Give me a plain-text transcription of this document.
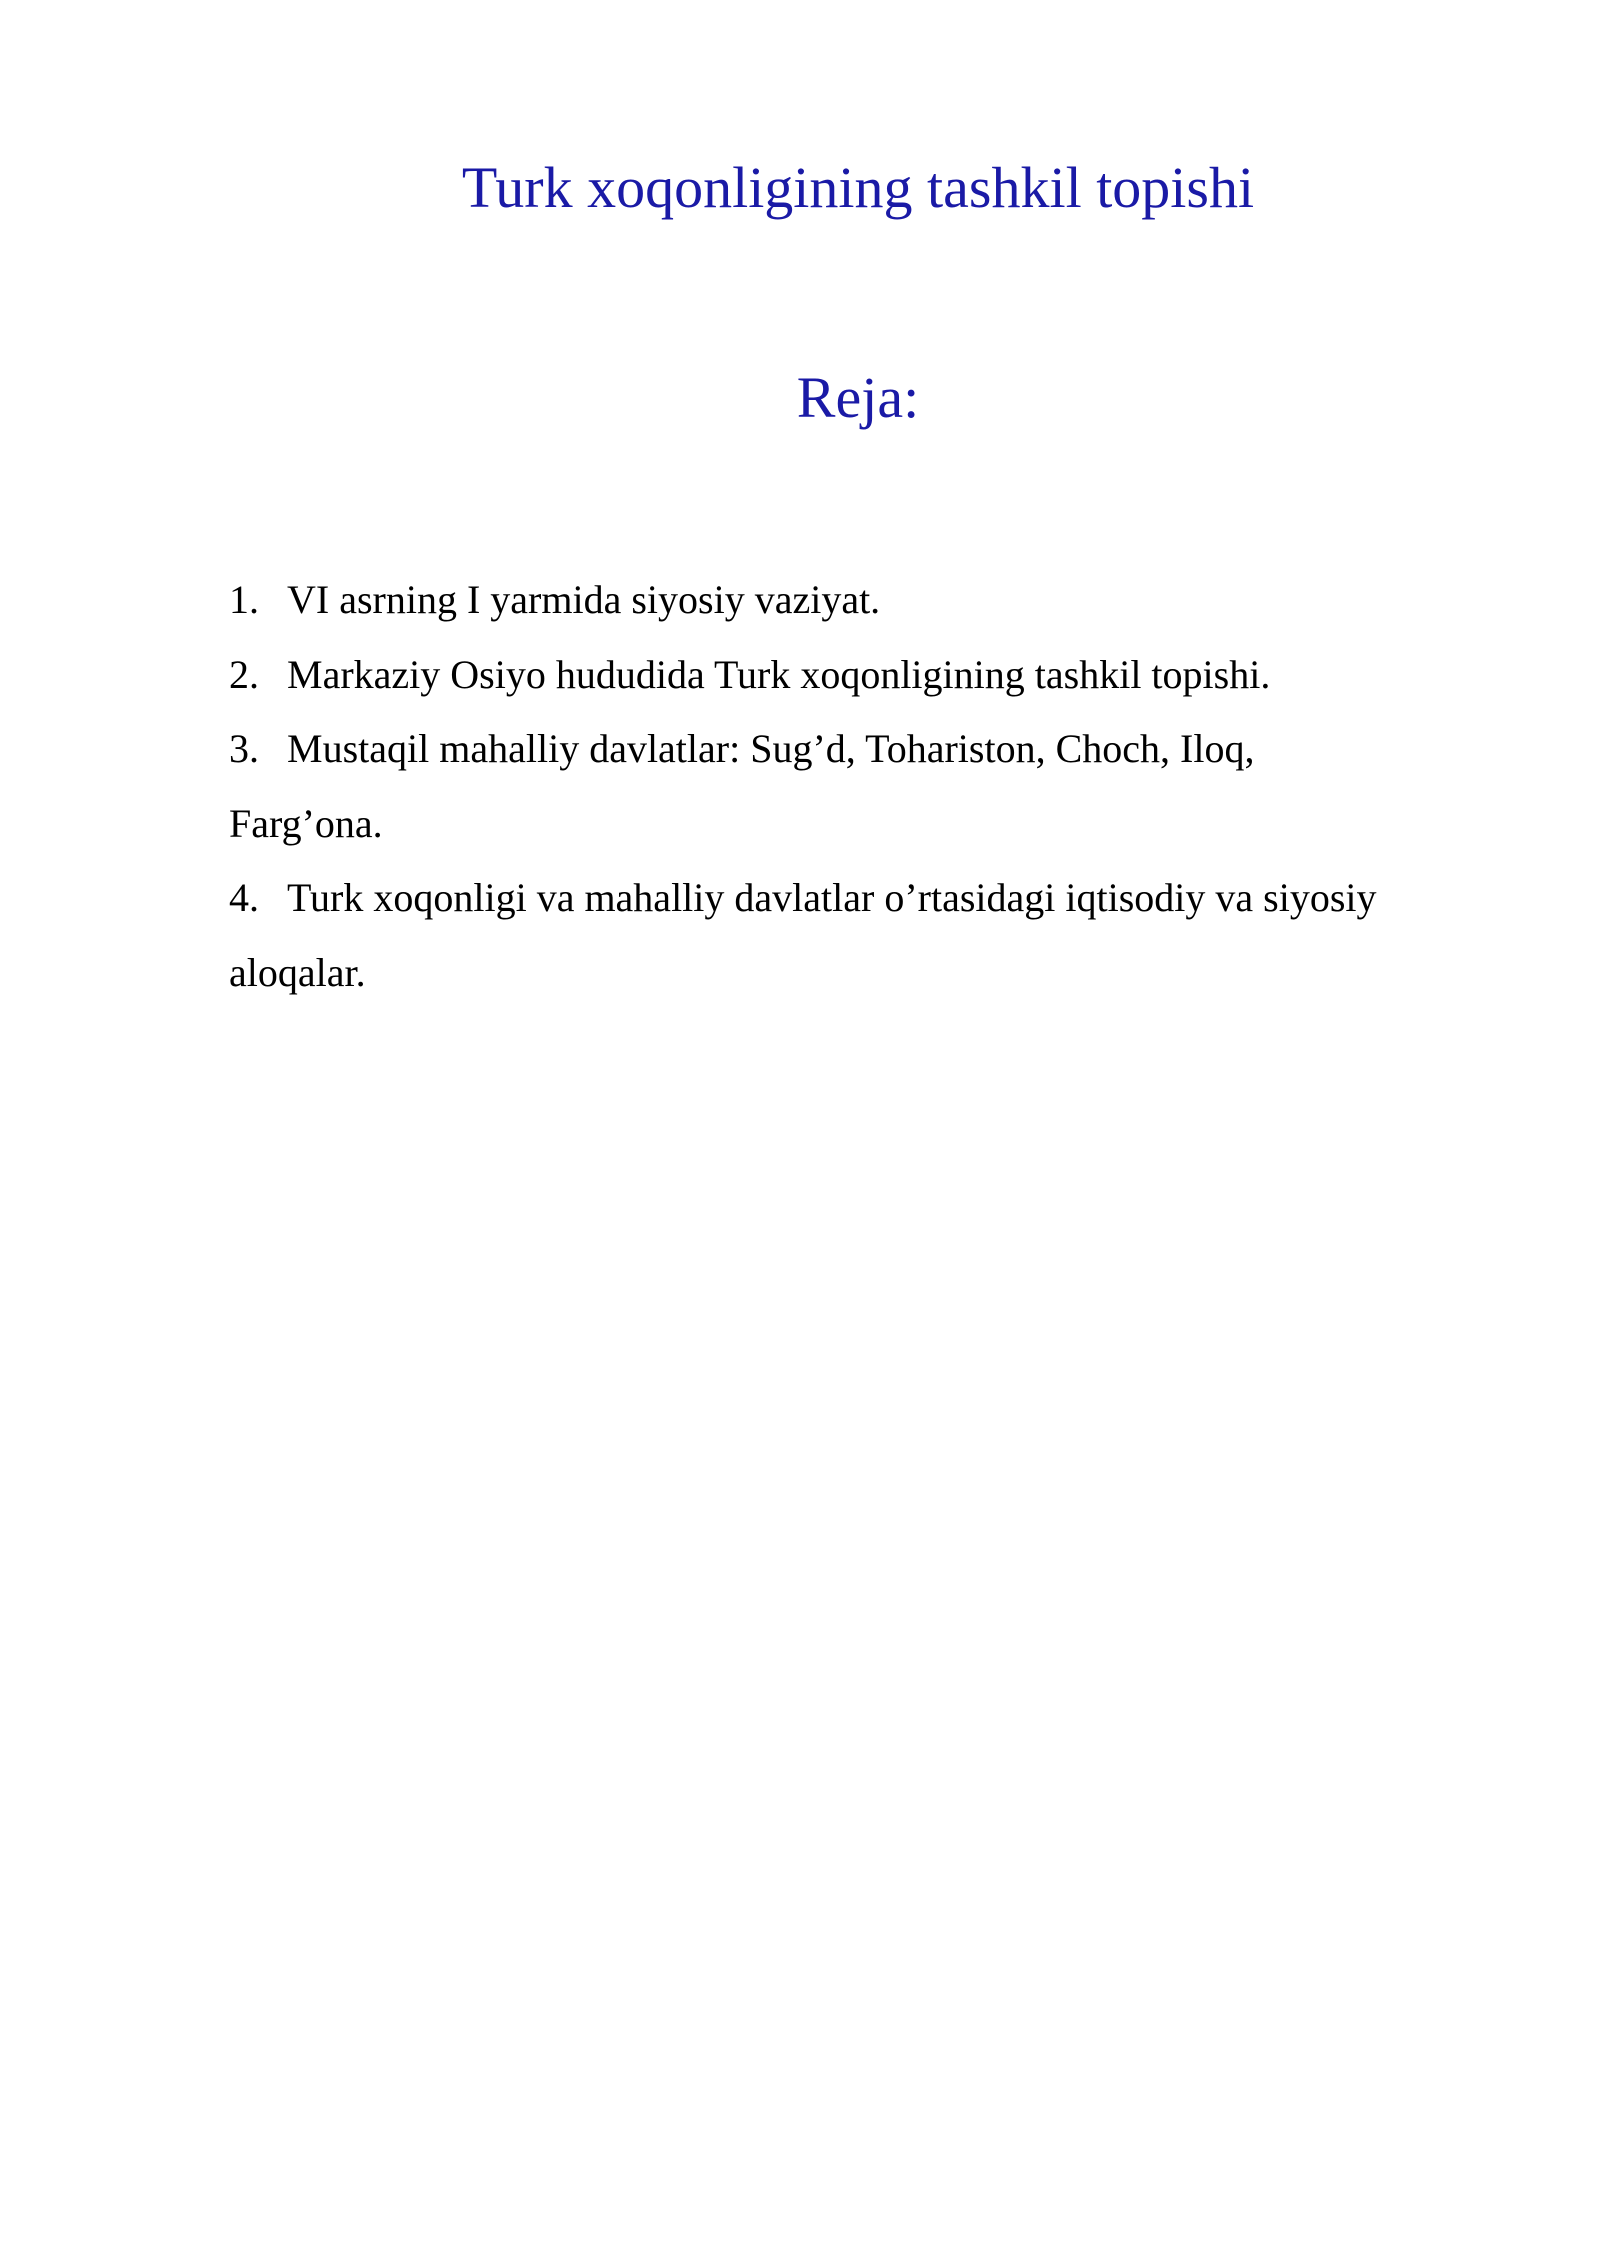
Turk xoqonligining tashkil topishi
Reja:
1. VI asrning I yarmida siyosiy vaziyat.
2. Markaziy Osiyo hududida Turk xoqonligining tashkil topishi.
3. Mustaqil mahalliy davlatlar: Sug’d, Tohariston, Choch, Iloq, Farg’ona.
4. Turk xoqonligi va mahalliy davlatlar o’rtasidagi iqtisodiy va siyosiy aloqalar.
